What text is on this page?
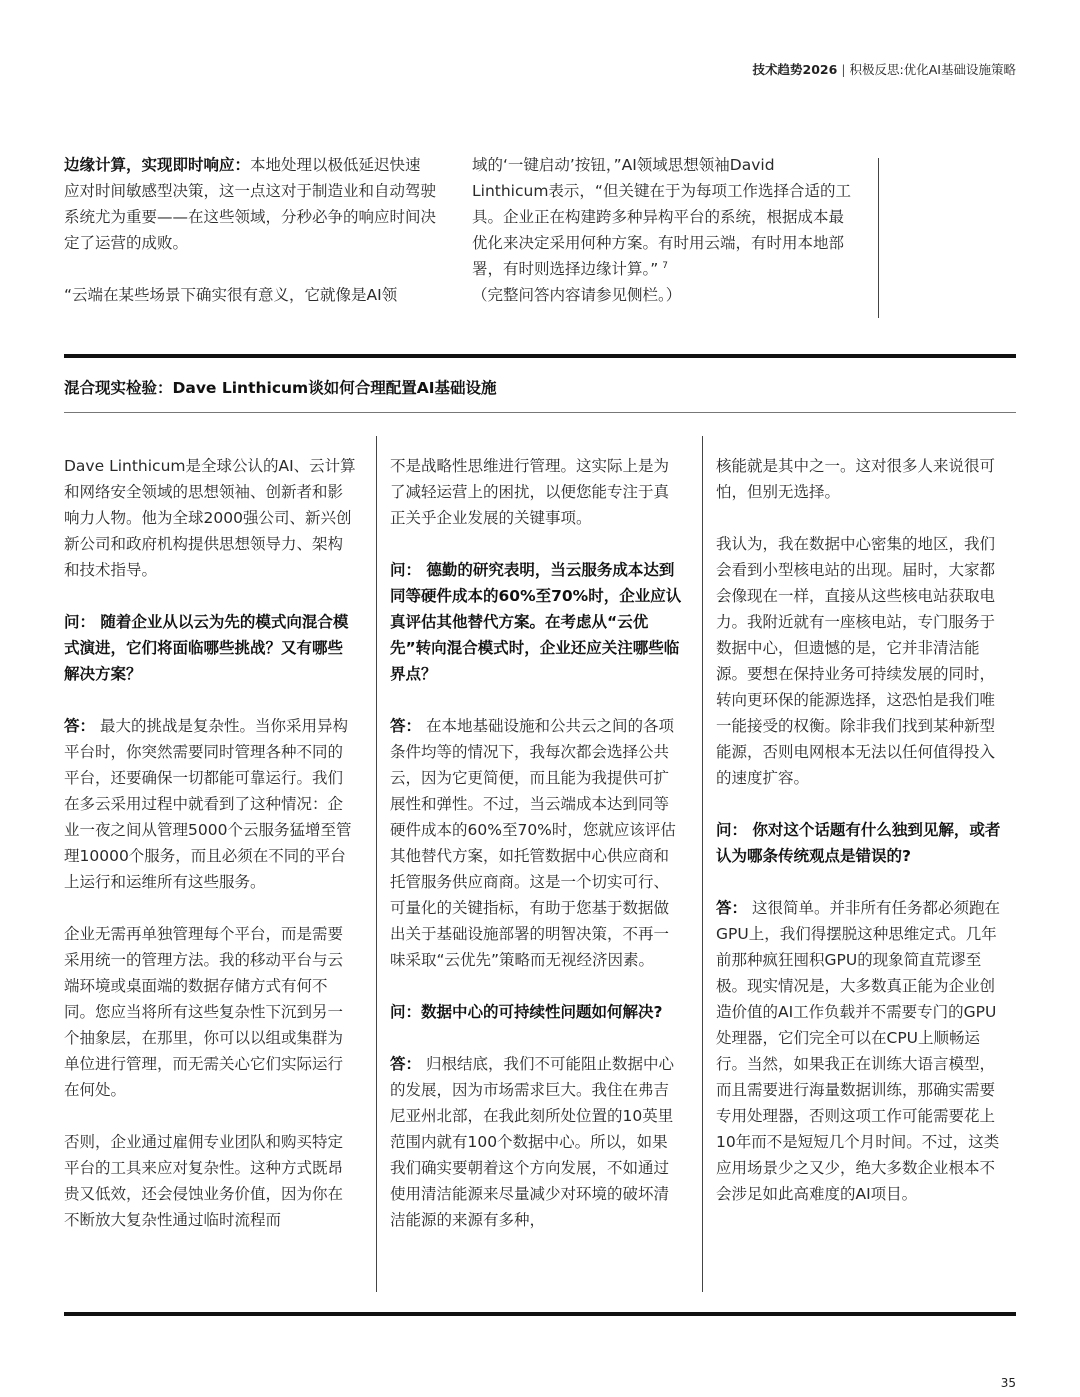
技术趋势2026 | 积极反思:优化AI基础设施策略

边缘计算，实现即时响应：本地处理以极低延迟快速应对时间敏感型决策，这一点这对于制造业和自动驾驶系统尤为重要——在这些领域，分秒必争的响应时间决定了运营的成败。

“云端在某些场景下确实很有意义，它就像是AI领

域的‘一键启动’按钮，”AI领域思想领袖David Linthicum表示，“但关键在于为每项工作选择合适的工具。企业正在构建跨多种异构平台的系统，根据成本最优化来决定采用何种方案。有时用云端，有时用本地部署，有时则选择边缘计算。” $^7$

（完整问答内容请参见侧栏。）

混合现实检验：Dave Linthicum谈如何合理配置AI基础设施

Dave Linthicum是全球公认的AI、云计算和网络安全领域的思想领袖、创新者和影响力人物。他为全球2000强公司、新兴创新公司和政府机构提供思想领导力、架构和技术指导。

问： 随着企业从以云为先的模式向混合模式演进，它们将面临哪些挑战？又有哪些解决方案？

答： 最大的挑战是复杂性。当你采用异构平台时，你突然需要同时管理各种不同的平台，还要确保一切都能可靠运行。我们在多云采用过程中就看到了这种情况：企业一夜之间从管理5000个云服务猛增至管理10000个服务，而且必须在不同的平台上运行和运维所有这些服务。

企业无需再单独管理每个平台，而是需要采用统一的管理方法。我的移动平台与云端环境或桌面端的数据存储方式有何不同。您应当将所有这些复杂性下沉到另一个抽象层，在那里，你可以以组或集群为单位进行管理，而无需关心它们实际运行在何处。

否则，企业通过雇佣专业团队和购买特定平台的工具来应对复杂性。这种方式既昂贵又低效，还会侵蚀业务价值，因为你在不断放大复杂性通过临时流程而

不是战略性思维进行管理。这实际上是为了减轻运营上的困扰，以便您能专注于真正关乎企业发展的关键事项。

问： 德勤的研究表明，当云服务成本达到同等硬件成本的60%至70%时，企业应认真评估其他替代方案。在考虑从“云优先”转向混合模式时，企业还应关注哪些临界点？

答： 在本地基础设施和公共云之间的各项条件均等的情况下，我每次都会选择公共云，因为它更简便，而且能为我提供可扩展性和弹性。不过，当云端成本达到同等硬件成本的60%至70%时，您就应该评估其他替代方案，如托管数据中心供应商和托管服务供应商商。这是一个切实可行、可量化的关键指标，有助于您基于数据做出关于基础设施部署的明智决策，不再一味采取“云优先”策略而无视经济因素。

问：数据中心的可持续性问题如何解决?

答： 归根结底，我们不可能阻止数据中心的发展，因为市场需求巨大。我住在弗吉尼亚州北部，在我此刻所处位置的10英里范围内就有100个数据中心。所以，如果我们确实要朝着这个方向发展，不如通过使用清洁能源来尽量减少对环境的破坏清洁能源的来源有多种，

核能就是其中之一。这对很多人来说很可怕，但别无选择。

我认为，我在数据中心密集的地区，我们会看到小型核电站的出现。届时，大家都会像现在一样，直接从这些核电站获取电力。我附近就有一座核电站，专门服务于数据中心，但遗憾的是，它并非清洁能源。要想在保持业务可持续发展的同时，转向更环保的能源选择，这恐怕是我们唯一能接受的权衡。除非我们找到某种新型能源，否则电网根本无法以任何值得投入的速度扩容。

问： 你对这个话题有什么独到见解，或者认为哪条传统观点是错误的?

答： 这很简单。并非所有任务都必须跑在GPU上，我们得摆脱这种思维定式。几年前那种疯狂囤积GPU的现象简直荒谬至极。现实情况是，大多数真正能为企业创造价值的AI工作负载并不需要专门的GPU处理器，它们完全可以在CPU上顺畅运行。当然，如果我正在训练大语言模型，而且需要进行海量数据训练，那确实需要专用处理器，否则这项工作可能需要花上10年而不是短短几个月时间。不过，这类应用场景少之又少，绝大多数企业根本不会涉足如此高难度的AI项目。

35
